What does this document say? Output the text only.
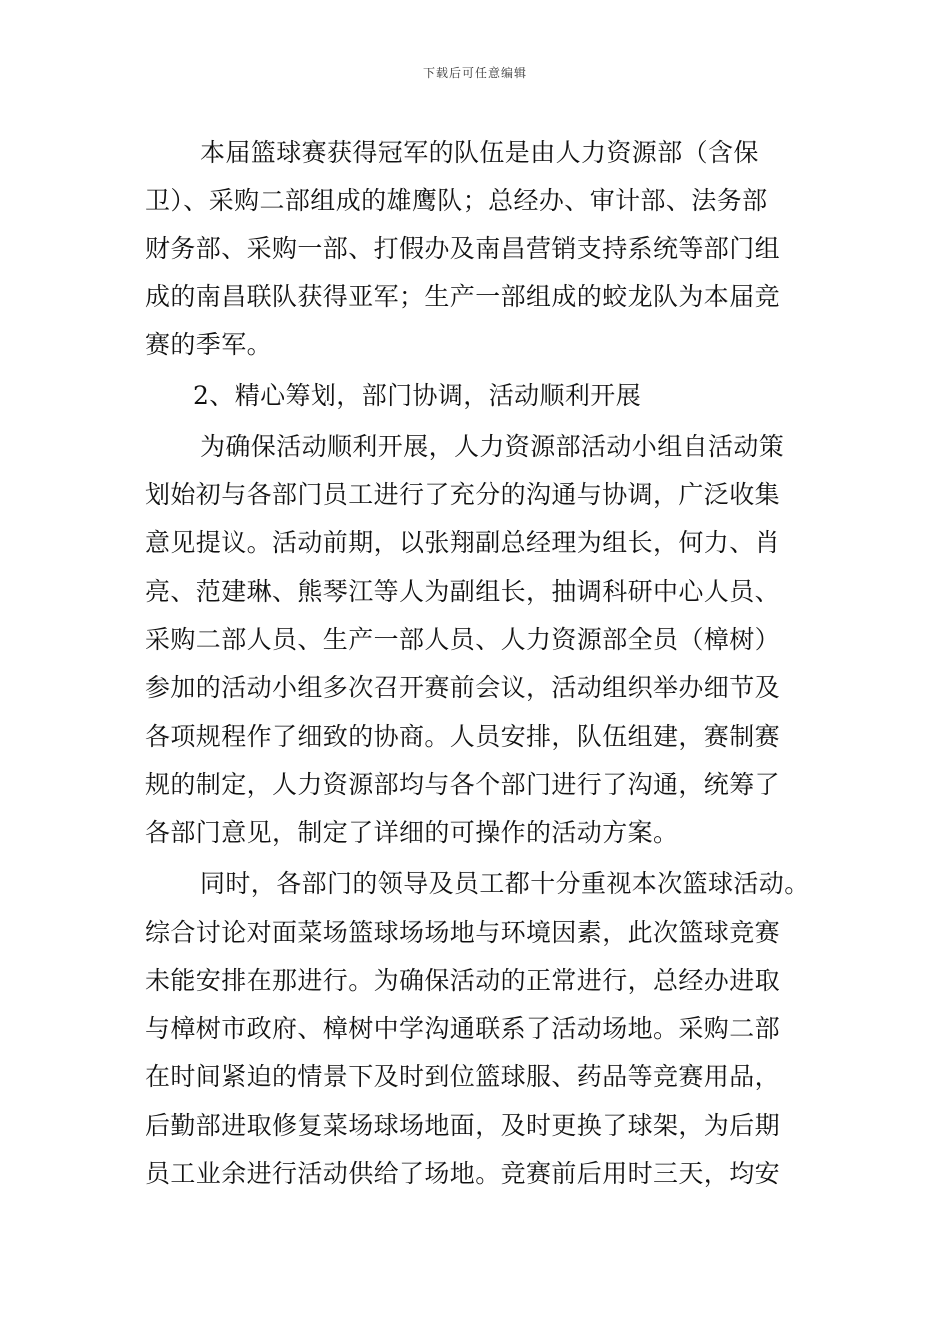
下载后可任意编辑
本届篮球赛获得冠军的队伍是由人力资源部（含保
卫）、采购二部组成的雄鹰队；总经办、审计部、法务部
财务部、采购一部、打假办及南昌营销支持系统等部门组
成的南昌联队获得亚军；生产一部组成的蛟龙队为本届竞
赛的季军。
2、精心筹划，部门协调，活动顺利开展
为确保活动顺利开展，人力资源部活动小组自活动策
划始初与各部门员工进行了充分的沟通与协调，广泛收集
意见提议。活动前期，以张翔副总经理为组长，何力、肖
亮、范建琳、熊琴江等人为副组长，抽调科研中心人员、
采购二部人员、生产一部人员、人力资源部全员（樟树）
参加的活动小组多次召开赛前会议，活动组织举办细节及
各项规程作了细致的协商。人员安排，队伍组建，赛制赛
规的制定，人力资源部均与各个部门进行了沟通，统筹了
各部门意见，制定了详细的可操作的活动方案。
同时，各部门的领导及员工都十分重视本次篮球活动。
综合讨论对面菜场篮球场场地与环境因素，此次篮球竞赛
未能安排在那进行。为确保活动的正常进行，总经办进取
与樟树市政府、樟树中学沟通联系了活动场地。采购二部
在时间紧迫的情景下及时到位篮球服、药品等竞赛用品，
后勤部进取修复菜场球场地面，及时更换了球架，为后期
员工业余进行活动供给了场地。竞赛前后用时三天，均安
